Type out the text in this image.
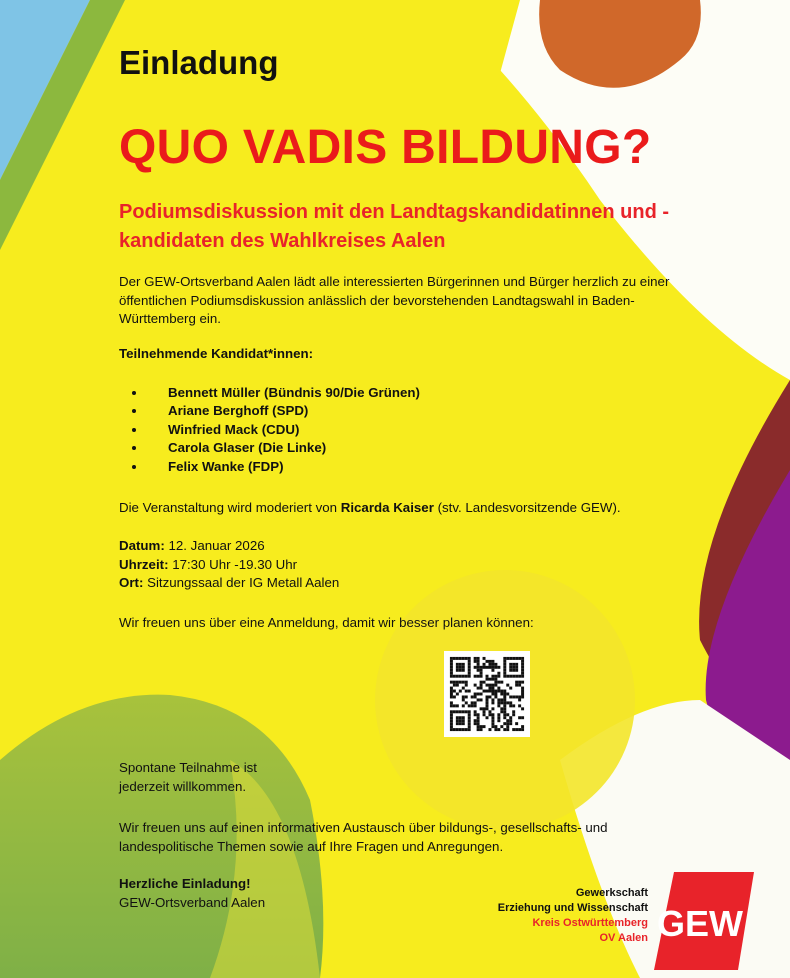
Einladung

QUO VADIS BILDUNG?

Podiumsdiskussion mit den Landtagskandidatinnen und -kandidaten des Wahlkreises Aalen

Der GEW-Ortsverband Aalen lädt alle interessierten Bürgerinnen und Bürger herzlich zu einer öffentlichen Podiumsdiskussion anlässlich der bevorstehenden Landtagswahl in Baden-Württemberg ein.

Teilnehmende Kandidat*innen:

• Bennett Müller (Bündnis 90/Die Grünen)
• Ariane Berghoff (SPD)
• Winfried Mack (CDU)
• Carola Glaser (Die Linke)
• Felix Wanke (FDP)

Die Veranstaltung wird moderiert von Ricarda Kaiser (stv. Landesvorsitzende GEW).

Datum: 12. Januar 2026
Uhrzeit: 17:30 Uhr -19.30 Uhr
Ort: Sitzungssaal der IG Metall Aalen

Wir freuen uns über eine Anmeldung, damit wir besser planen können:

Spontane Teilnahme ist jederzeit willkommen.

Wir freuen uns auf einen informativen Austausch über bildungs-, gesellschafts- und landespolitische Themen sowie auf Ihre Fragen und Anregungen.

Herzliche Einladung!
GEW-Ortsverband Aalen

Gewerkschaft
Erziehung und Wissenschaft
Kreis Ostwürttemberg
OV Aalen GEW
